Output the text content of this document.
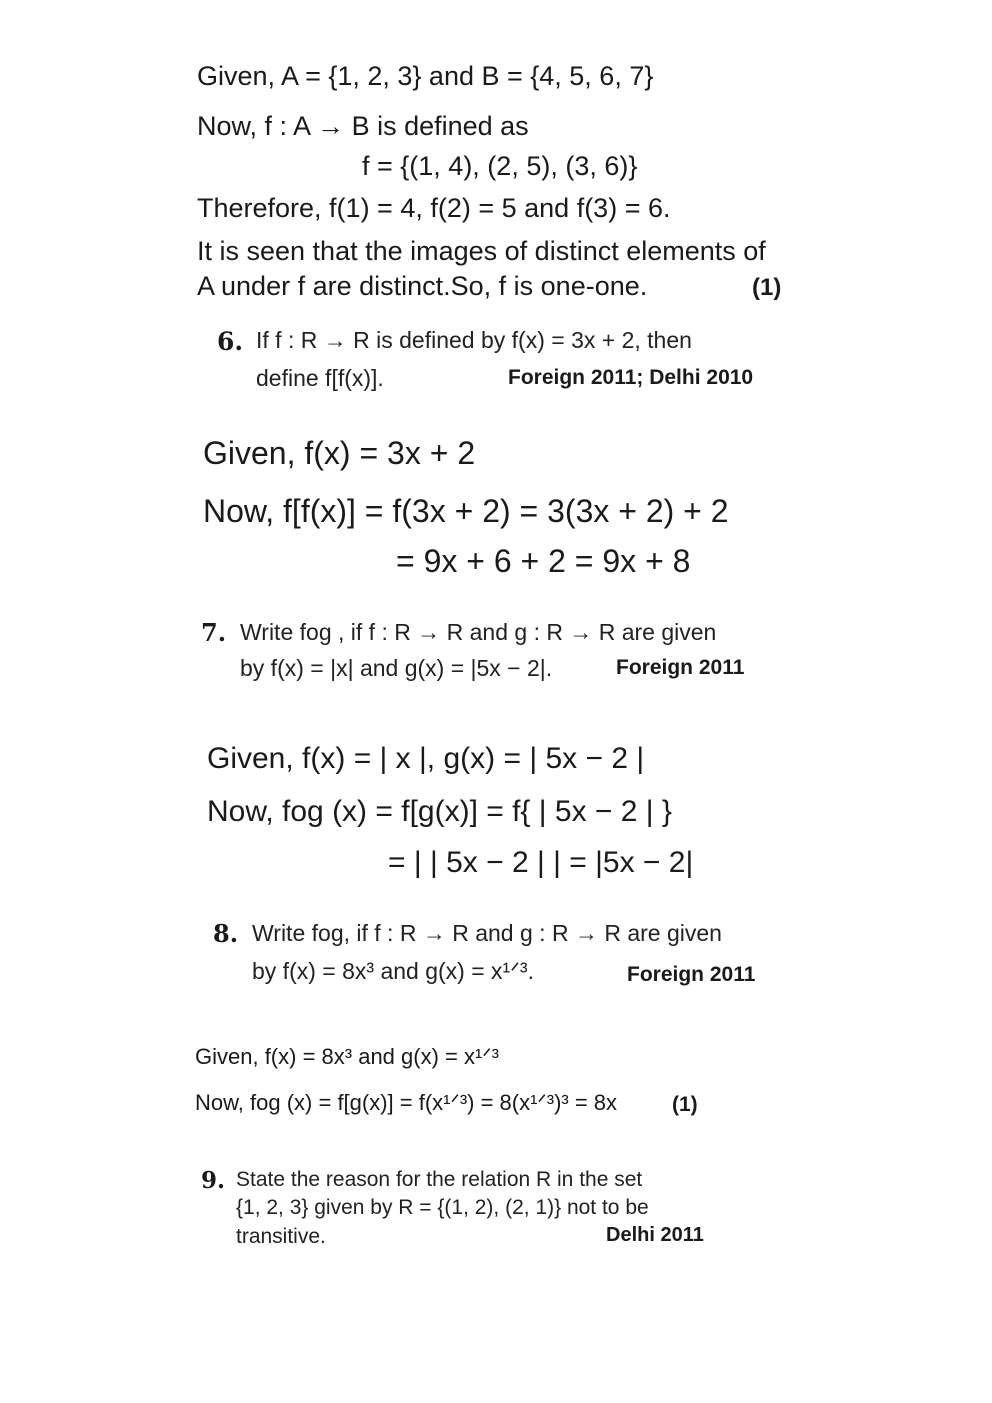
Given, A = {1, 2, 3} and B = {4, 5, 6, 7}
Now, f : A → B is defined as
f = {(1, 4), (2, 5), (3, 6)}
Therefore, f(1) = 4, f(2) = 5 and f(3) = 6.
It is seen that the images of distinct elements of
A under f are distinct.So, f is one-one.	(1)
6. If f : R → R is defined by f(x) = 3x + 2, then
define f[f(x)].	Foreign 2011; Delhi 2010
Given, f(x) = 3x + 2
Now, f[f(x)] = f(3x + 2) = 3(3x + 2) + 2
= 9x + 6 + 2 = 9x + 8
7. Write fog , if f : R → R and g : R → R are given
by f(x) = |x| and g(x) = |5x − 2|.	Foreign 2011
Given, f(x) = | x |, g(x) = | 5x − 2 |
Now, fog (x) = f[g(x)] = f{ | 5x − 2 | }
= | | 5x − 2 | | = |5x − 2|
8. Write fog, if f : R → R and g : R → R are given
by f(x) = 8x³ and g(x) = x¹ᐟ³.	Foreign 2011
Given, f(x) = 8x³ and g(x) = x¹ᐟ³
Now, fog (x) = f[g(x)] = f(x¹ᐟ³) = 8(x¹ᐟ³)³ = 8x	(1)
9. State the reason for the relation R in the set
{1, 2, 3} given by R = {(1, 2), (2, 1)} not to be
transitive.	Delhi 2011
